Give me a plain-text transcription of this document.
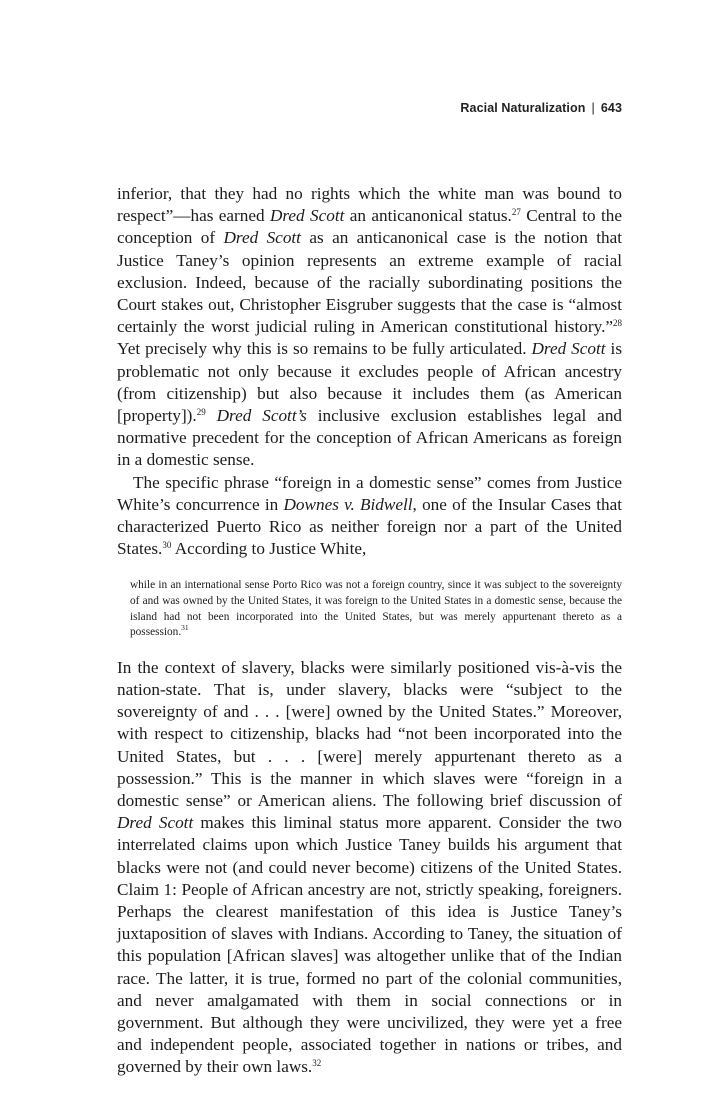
Racial Naturalization | 643

inferior, that they had no rights which the white man was bound to respect”—has earned Dred Scott an anticanonical status.$^{27}$ Central to the conception of Dred Scott as an anticanonical case is the notion that Justice Taney’s opinion represents an extreme example of racial exclusion. Indeed, because of the racially subordinating positions the Court stakes out, Christopher Eisgruber suggests that the case is “almost certainly the worst judicial ruling in American constitutional history.”$^{28}$ Yet precisely why this is so remains to be fully articulated. Dred Scott is problematic not only because it excludes people of African ancestry (from citizenship) but also because it includes them (as American [property]).$^{29}$ Dred Scott’s inclusive exclusion establishes legal and normative precedent for the conception of African Americans as foreign in a domestic sense.

The specific phrase “foreign in a domestic sense” comes from Justice White’s concurrence in Downes v. Bidwell, one of the Insular Cases that characterized Puerto Rico as neither foreign nor a part of the United States.$^{30}$ According to Justice White,

while in an international sense Porto Rico was not a foreign country, since it was subject to the sovereignty of and was owned by the United States, it was foreign to the United States in a domestic sense, because the island had not been incorporated into the United States, but was merely appurtenant thereto as a possession.$^{31}$

In the context of slavery, blacks were similarly positioned vis-à-vis the nation-state. That is, under slavery, blacks were “subject to the sovereignty of and . . . [were] owned by the United States.” Moreover, with respect to citizenship, blacks had “not been incorporated into the United States, but . . . [were] merely appurtenant thereto as a possession.” This is the manner in which slaves were “foreign in a domestic sense” or American aliens. The following brief discussion of Dred Scott makes this liminal status more apparent. Consider the two interrelated claims upon which Justice Taney builds his argument that blacks were not (and could never become) citizens of the United States. Claim 1: People of African ancestry are not, strictly speaking, foreigners. Perhaps the clearest manifestation of this idea is Justice Taney’s juxtaposition of slaves with Indians. According to Taney, the situation of this population [African slaves] was altogether unlike that of the Indian race. The latter, it is true, formed no part of the colonial communities, and never amalgamated with them in social connections or in government. But although they were uncivilized, they were yet a free and independent people, associated together in nations or tribes, and governed by their own laws.$^{32}$
